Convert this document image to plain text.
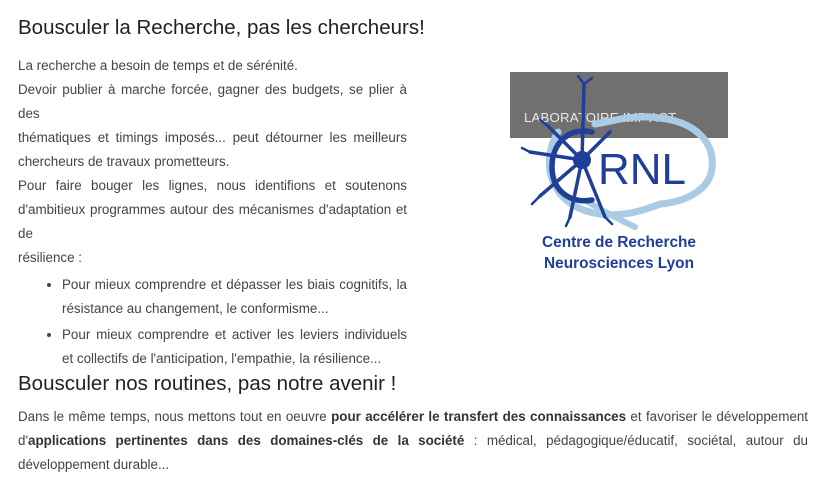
Bousculer la Recherche, pas les chercheurs!
La recherche a besoin de temps et de sérénité.
Devoir publier à marche forcée, gagner des budgets, se plier à des
thématiques et timings imposés... peut détourner les meilleurs
chercheurs de travaux prometteurs.
Pour faire bouger les lignes, nous identifions et soutenons
d'ambitieux programmes autour des mécanismes d'adaptation et de
résilience :
• Pour mieux comprendre et dépasser les biais cognitifs, la résistance au changement, le conformisme...
• Pour mieux comprendre et activer les leviers individuels et collectifs de l'anticipation, l'empathie, la résilience...
LABORATOIRE IMP'ACT
RNL
Centre de Recherche
Neurosciences Lyon
Bousculer nos routines, pas notre avenir !
Dans le même temps, nous mettons tout en oeuvre pour accélérer le transfert des connaissances et favoriser le développement d'applications pertinentes dans des domaines-clés de la société : médical, pédagogique/éducatif, sociétal, autour du développement durable...
